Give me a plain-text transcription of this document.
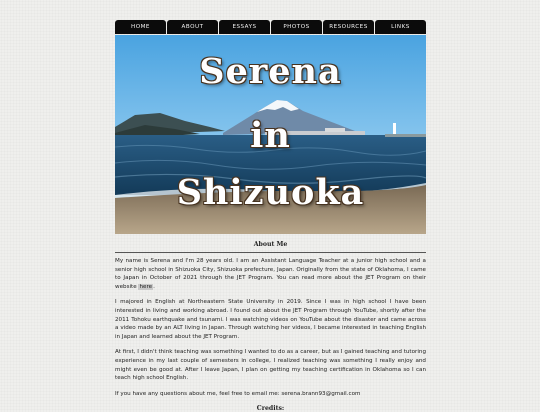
HOME	ABOUT	ESSAYS	PHOTOS	RESOURCES	LINKS
Serena
in
Shizuoka
About Me

My name is Serena and I'm 28 years old. I am an Assistant Language Teacher at a junior high school and a senior high school in Shizuoka City, Shizuoka prefecture, Japan. Originally from the state of Oklahoma, I came to Japan in October of 2021 through the JET Program. You can read more about the JET Program on their website here.

I majored in English at Northeastern State University in 2019. Since I was in high school I have been interested in living and working abroad. I found out about the JET Program through YouTube, shortly after the 2011 Tohoku earthquake and tsunami. I was watching videos on YouTube about the disaster and came across a video made by an ALT living in Japan. Through watching her videos, I became interested in teaching English in Japan and learned about the JET Program.

At first, I didn't think teaching was something I wanted to do as a career, but as I gained teaching and tutoring experience in my last couple of semesters in college, I realized teaching was something I really enjoy and might even be good at. After I leave Japan, I plan on getting my teaching certification in Oklahoma so I can teach high school English.

If you have any questions about me, feel free to email me: serena.brann93@gmail.com

Credits:
